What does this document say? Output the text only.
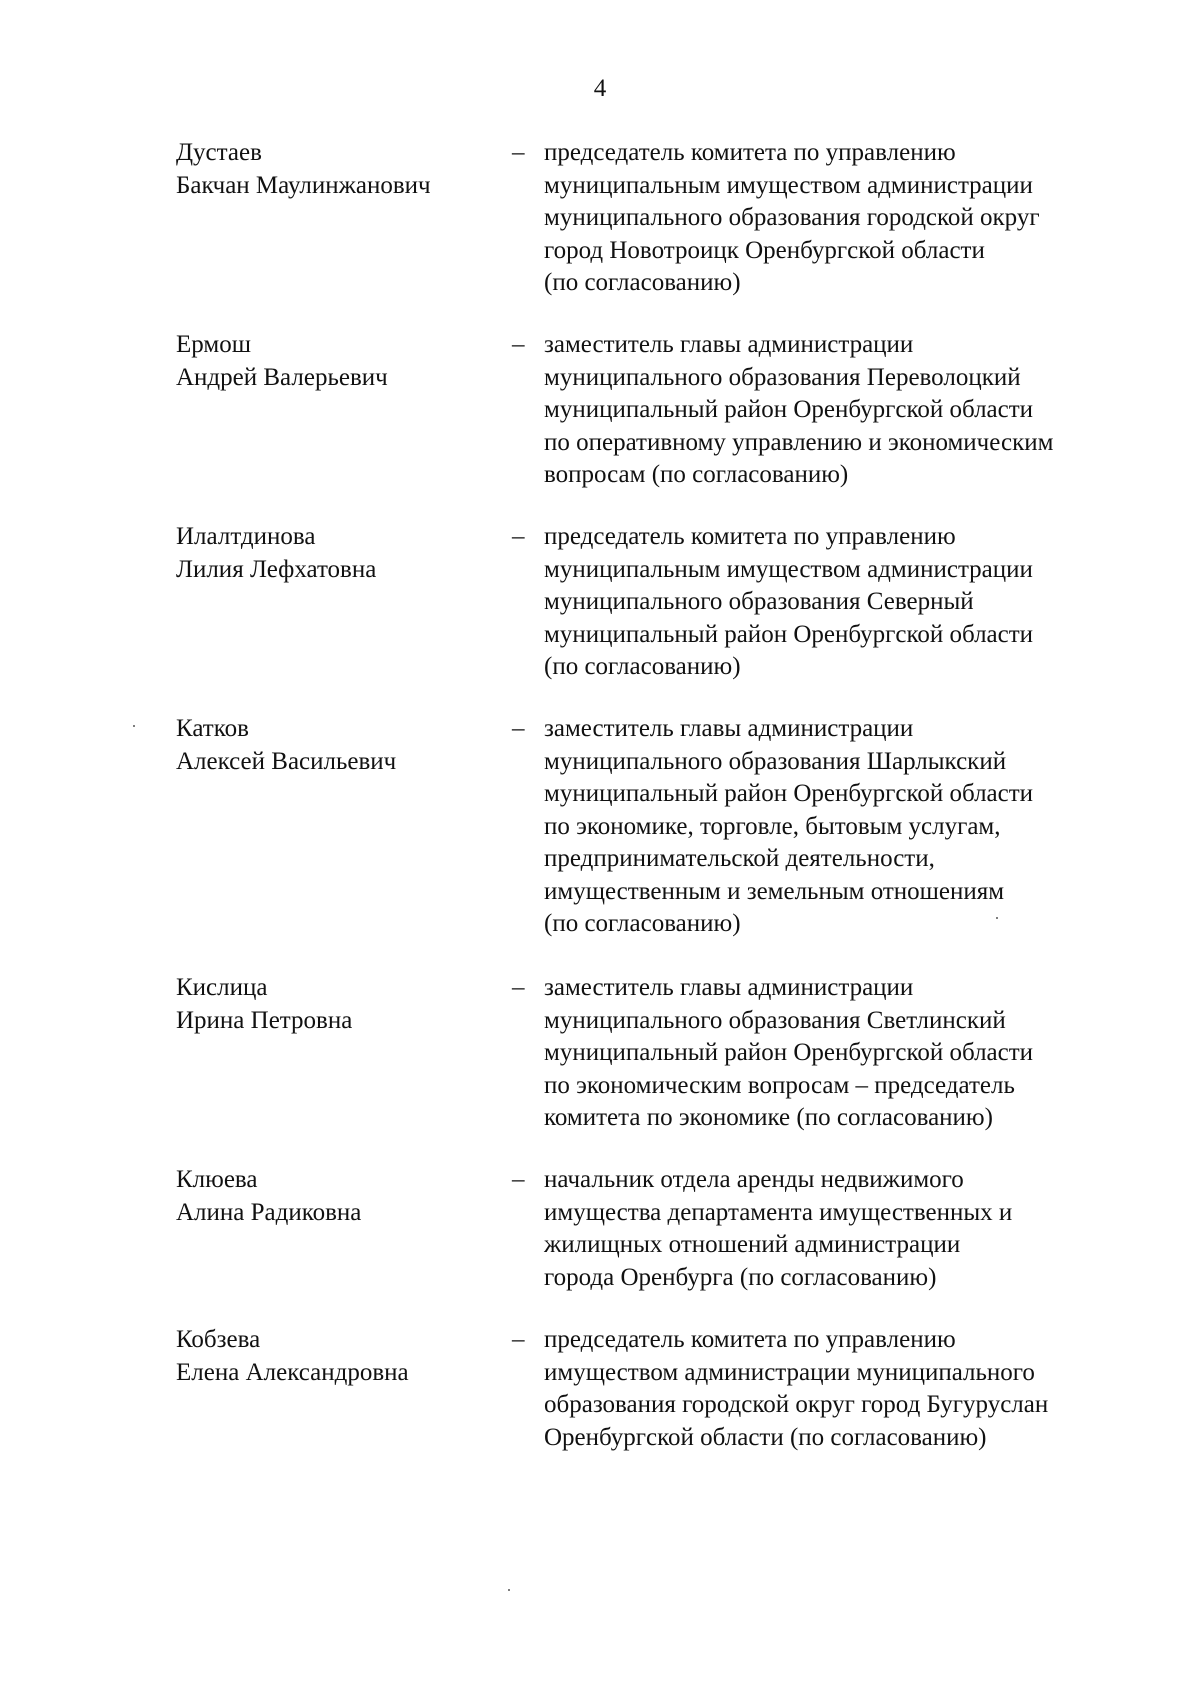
4
Дустаев
Бакчан Маулинжанович
– председатель комитета по управлению
муниципальным имуществом администрации
муниципального образования городской округ
город Новотроицк Оренбургской области
(по согласованию)
Ермош
Андрей Валерьевич
– заместитель главы администрации
муниципального образования Переволоцкий
муниципальный район Оренбургской области
по оперативному управлению и экономическим
вопросам (по согласованию)
Илалтдинова
Лилия Лефхатовна
– председатель комитета по управлению
муниципальным имуществом администрации
муниципального образования Северный
муниципальный район Оренбургской области
(по согласованию)
Катков
Алексей Васильевич
– заместитель главы администрации
муниципального образования Шарлыкский
муниципальный район Оренбургской области
по экономике, торговле, бытовым услугам,
предпринимательской деятельности,
имущественным и земельным отношениям
(по согласованию)
Кислица
Ирина Петровна
– заместитель главы администрации
муниципального образования Светлинский
муниципальный район Оренбургской области
по экономическим вопросам – председатель
комитета по экономике (по согласованию)
Клюева
Алина Радиковна
– начальник отдела аренды недвижимого
имущества департамента имущественных и
жилищных отношений администрации
города Оренбурга (по согласованию)
Кобзева
Елена Александровна
– председатель комитета по управлению
имуществом администрации муниципального
образования городской округ город Бугуруслан
Оренбургской области (по согласованию)
